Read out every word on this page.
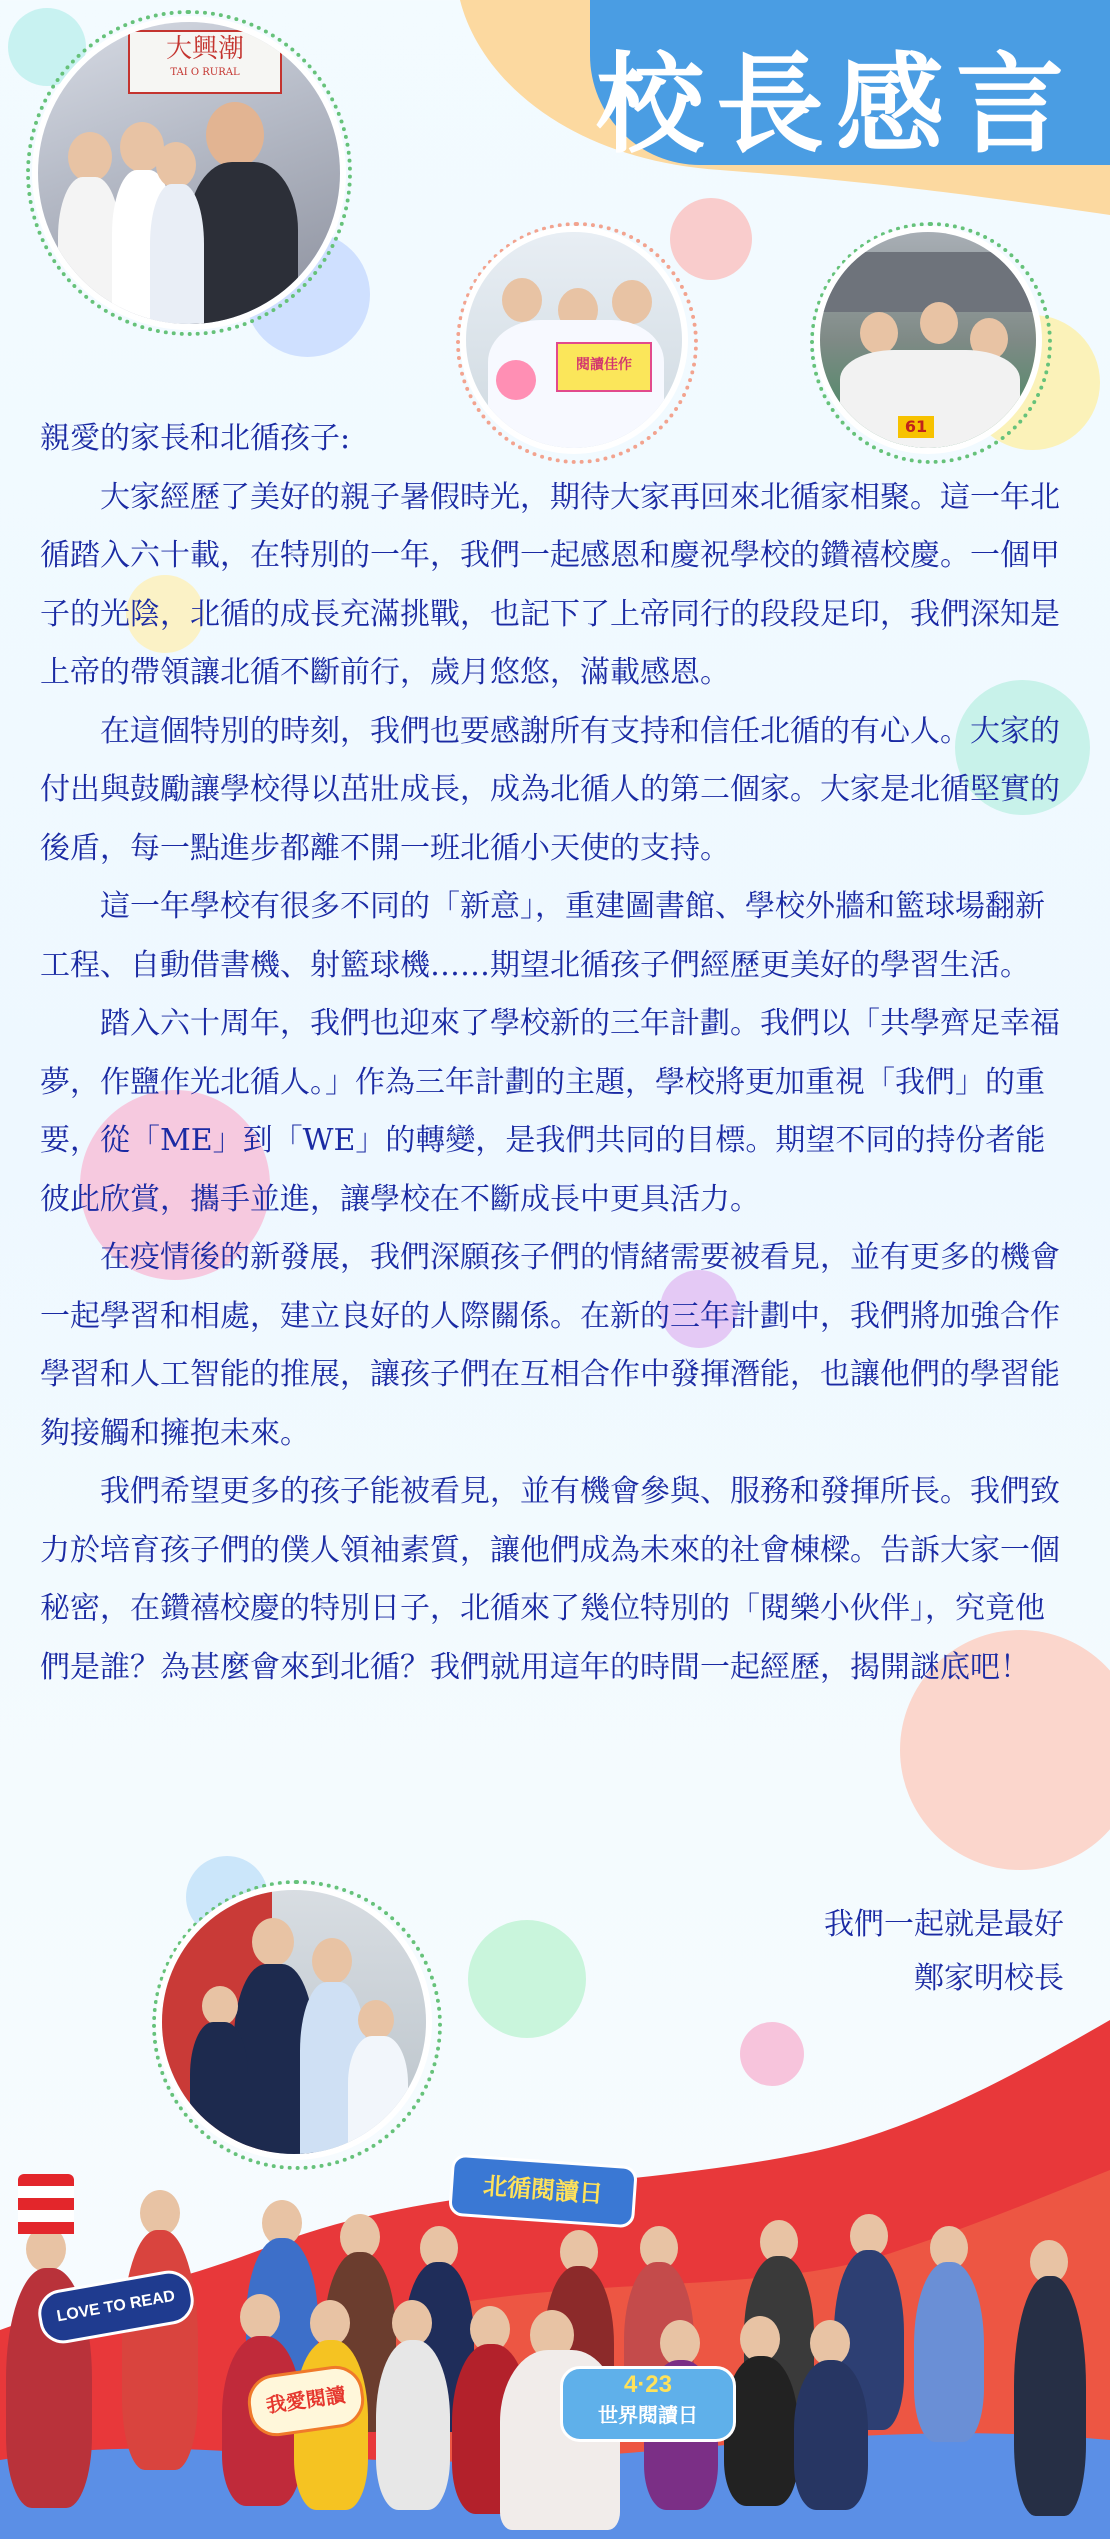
校長感言
大興潮
TAI O RURAL
閱讀佳作
61

親愛的家長和北循孩子:

大家經歷了美好的親子暑假時光，期待大家再回來北循家相聚。這一年北循踏入六十載，在特別的一年，我們一起感恩和慶祝學校的鑽禧校慶。一個甲子的光陰，北循的成長充滿挑戰，也記下了上帝同行的段段足印，我們深知是上帝的帶領讓北循不斷前行，歲月悠悠，滿載感恩。

在這個特別的時刻，我們也要感謝所有支持和信任北循的有心人。大家的付出與鼓勵讓學校得以茁壯成長，成為北循人的第二個家。大家是北循堅實的後盾，每一點進步都離不開一班北循小天使的支持。

這一年學校有很多不同的「新意」，重建圖書館、學校外牆和籃球場翻新工程、自動借書機、射籃球機……期望北循孩子們經歷更美好的學習生活。

踏入六十周年，我們也迎來了學校新的三年計劃。我們以「共學齊足幸福夢，作鹽作光北循人。」作為三年計劃的主題，學校將更加重視「我們」的重要，從「ME」到「WE」的轉變，是我們共同的目標。期望不同的持份者能彼此欣賞，攜手並進，讓學校在不斷成長中更具活力。

在疫情後的新發展，我們深願孩子們的情緒需要被看見，並有更多的機會一起學習和相處，建立良好的人際關係。在新的三年計劃中，我們將加強合作學習和人工智能的推展，讓孩子們在互相合作中發揮潛能，也讓他們的學習能夠接觸和擁抱未來。

我們希望更多的孩子能被看見，並有機會參與、服務和發揮所長。我們致力於培育孩子們的僕人領袖素質，讓他們成為未來的社會棟樑。告訴大家一個秘密，在鑽禧校慶的特別日子，北循來了幾位特別的「閱樂小伙伴」，究竟他們是誰？為甚麼會來到北循？我們就用這年的時間一起經歷，揭開謎底吧！

我們一起就是最好
鄭家明校長
LOVE TO READ
北循閱讀日
我愛閱讀
4·23
世界閱讀日
